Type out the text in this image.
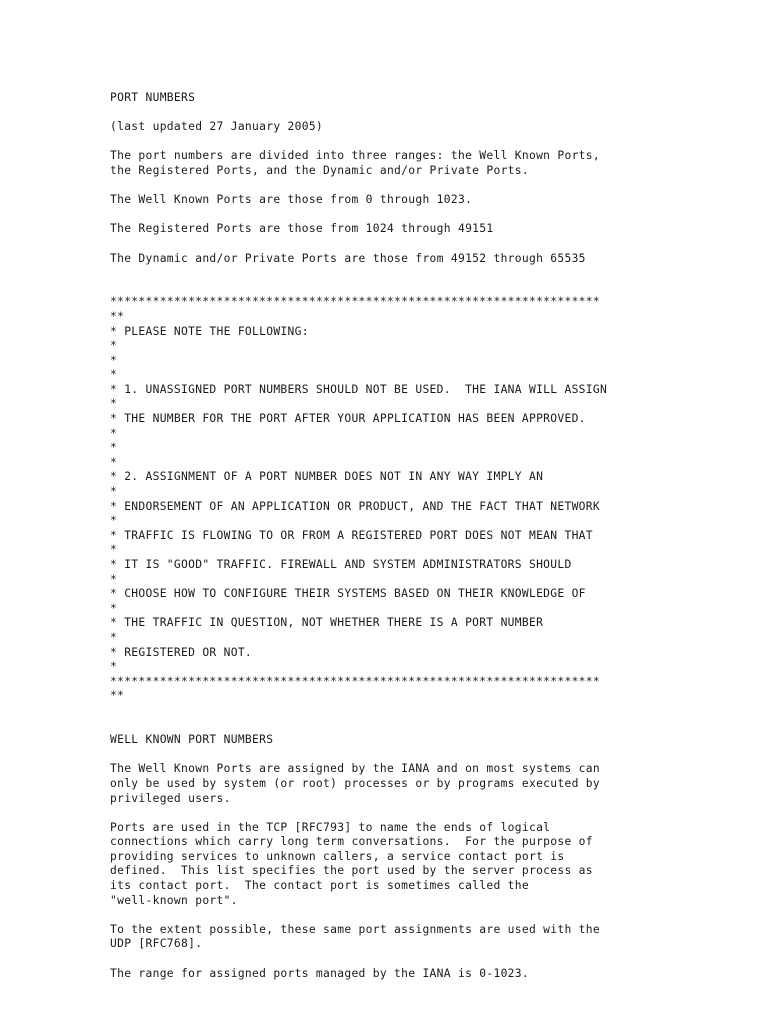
PORT NUMBERS

(last updated 27 January 2005)

The port numbers are divided into three ranges: the Well Known Ports,
the Registered Ports, and the Dynamic and/or Private Ports.

The Well Known Ports are those from 0 through 1023.

The Registered Ports are those from 1024 through 49151

The Dynamic and/or Private Ports are those from 49152 through 65535

*********************************************************************
**
* PLEASE NOTE THE FOLLOWING:
*
*
*
* 1. UNASSIGNED PORT NUMBERS SHOULD NOT BE USED.  THE IANA WILL ASSIGN
*
* THE NUMBER FOR THE PORT AFTER YOUR APPLICATION HAS BEEN APPROVED.
*
*
*
* 2. ASSIGNMENT OF A PORT NUMBER DOES NOT IN ANY WAY IMPLY AN
*
* ENDORSEMENT OF AN APPLICATION OR PRODUCT, AND THE FACT THAT NETWORK
*
* TRAFFIC IS FLOWING TO OR FROM A REGISTERED PORT DOES NOT MEAN THAT
*
* IT IS "GOOD" TRAFFIC. FIREWALL AND SYSTEM ADMINISTRATORS SHOULD
*
* CHOOSE HOW TO CONFIGURE THEIR SYSTEMS BASED ON THEIR KNOWLEDGE OF
*
* THE TRAFFIC IN QUESTION, NOT WHETHER THERE IS A PORT NUMBER
*
* REGISTERED OR NOT.
*
*********************************************************************
**

WELL KNOWN PORT NUMBERS

The Well Known Ports are assigned by the IANA and on most systems can
only be used by system (or root) processes or by programs executed by
privileged users.

Ports are used in the TCP [RFC793] to name the ends of logical
connections which carry long term conversations.  For the purpose of
providing services to unknown callers, a service contact port is
defined.  This list specifies the port used by the server process as
its contact port.  The contact port is sometimes called the
"well-known port".

To the extent possible, these same port assignments are used with the
UDP [RFC768].

The range for assigned ports managed by the IANA is 0-1023.
